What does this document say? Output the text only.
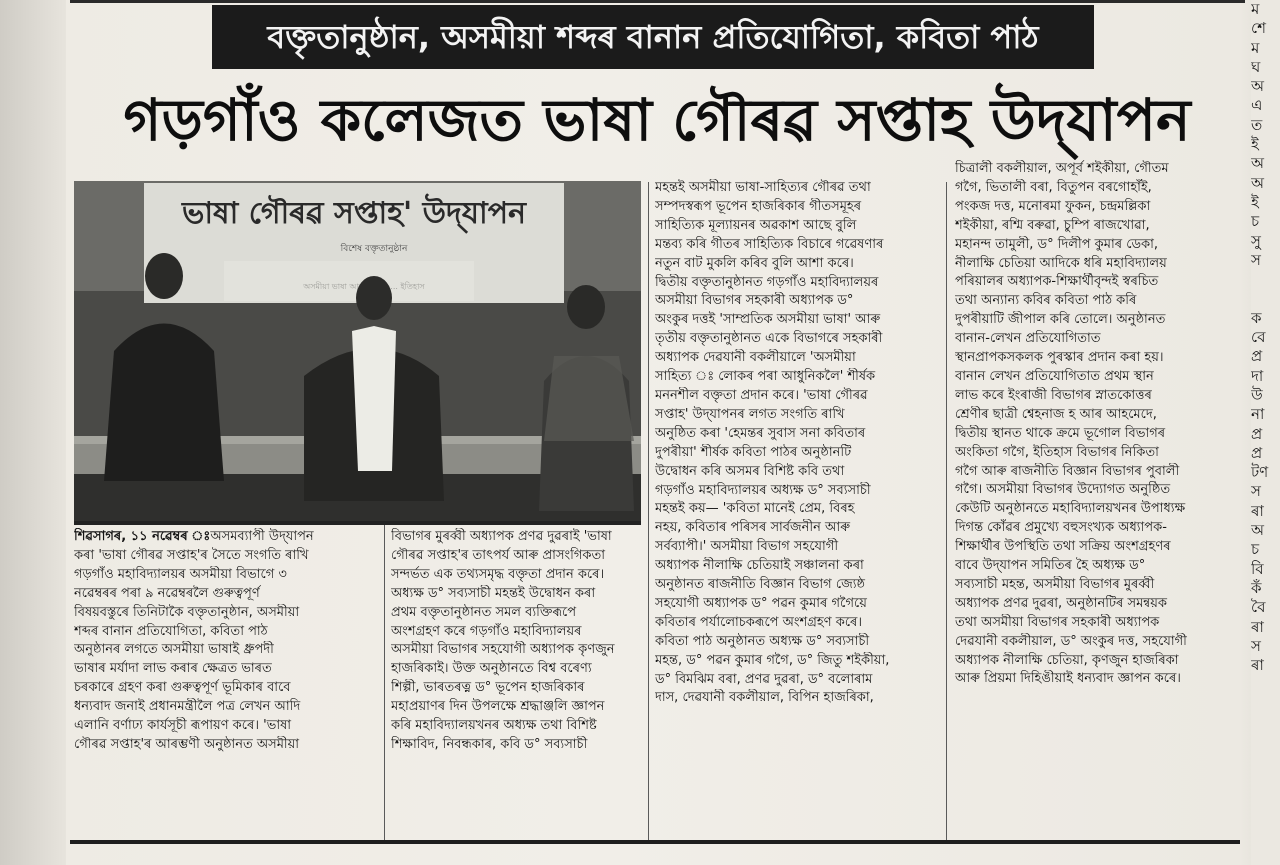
বক্তৃতানুষ্ঠান, অসমীয়া শব্দৰ বানান প্ৰতিযোগিতা, কবিতা পাঠ
গড়গাঁও কলেজত ভাষা গৌৰৱ সপ্তাহ উদ্‌যাপন
ভাষা গৌৰৱ সপ্তাহ' উদ্‌যাপন
বিশেষ বক্তৃতানুষ্ঠান
শিৱসাগৰ, ১১ নৱেম্বৰ ঃঅসমব্যাপী উদ্‌যাপন
কৰা 'ভাষা গৌৰৱ সপ্তাহ'ৰ সৈতে সংগতি ৰাখি
গড়গাঁও মহাবিদ্যালয়ৰ অসমীয়া বিভাগে ৩
নৱেম্বৰৰ পৰা ৯ নৱেম্বৰলৈ গুৰুত্বপূৰ্ণ
বিষয়বস্তুৰে তিনিটাকৈ বক্তৃতানুষ্ঠান, অসমীয়া
শব্দৰ বানান প্ৰতিযোগিতা, কবিতা পাঠ
অনুষ্ঠানৰ লগতে অসমীয়া ভাষাই ধ্ৰুপদী
ভাষাৰ মৰ্যাদা লাভ কৰাৰ ক্ষেত্ৰত ভাৰত
চৰকাৰে গ্ৰহণ কৰা গুৰুত্বপূৰ্ণ ভূমিকাৰ বাবে
ধন্যবাদ জনাই প্ৰধানমন্ত্ৰীলৈ পত্ৰ লেখন আদি
এলানি বৰ্ণাঢ্য কাৰ্যসূচী ৰূপায়ণ কৰে। 'ভাষা
গৌৰৱ সপ্তাহ'ৰ আৰম্ভণী অনুষ্ঠানত অসমীয়া
বিভাগৰ মুৰব্বী অধ্যাপক প্ৰণৱ দুৱৰাই 'ভাষা
গৌৰৱ সপ্তাহ'ৰ তাৎপৰ্য আৰু প্ৰাসংগিকতা
সন্দৰ্ভত এক তথ্যসমৃদ্ধ বক্তৃতা প্ৰদান কৰে।
অধ্যক্ষ ড° সব্যসাচী মহন্তই উদ্বোধন কৰা
প্ৰথম বক্তৃতানুষ্ঠানত সমল ব্যক্তিৰূপে
অংশগ্ৰহণ কৰে গড়গাঁও মহাবিদ্যালয়ৰ
অসমীয়া বিভাগৰ সহযোগী অধ্যাপক কৃণজুন
হাজৰিকাই। উক্ত অনুষ্ঠানতে বিশ্ব বৰেণ্য
শিল্পী, ভাৰতৰত্ন ড° ভূপেন হাজৰিকাৰ
মহাপ্ৰয়াণৰ দিন উপলক্ষে শ্ৰদ্ধাঞ্জলি জ্ঞাপন
কৰি মহাবিদ্যালয়খনৰ অধ্যক্ষ তথা বিশিষ্ট
শিক্ষাবিদ, নিবন্ধকাৰ, কবি ড° সব্যসাচী
মহন্তই অসমীয়া ভাষা-সাহিত্যৰ গৌৰৱ তথা
সম্পদস্বৰূপ ভূপেন হাজৰিকাৰ গীতসমূহৰ
সাহিত্যিক মূল্যায়নৰ অৱকাশ আছে বুলি
মন্তব্য কৰি গীতৰ সাহিত্যিক বিচাৰে গৱেষণাৰ
নতুন বাট মুকলি কৰিব বুলি আশা কৰে।
দ্বিতীয় বক্তৃতানুষ্ঠানত গড়গাঁও মহাবিদ্যালয়ৰ
অসমীয়া বিভাগৰ সহকাৰী অধ্যাপক ড°
অংকুৰ দত্তই 'সাম্প্ৰতিক অসমীয়া ভাষা' আৰু
তৃতীয় বক্তৃতানুষ্ঠানত একে বিভাগৰে সহকাৰী
অধ্যাপক দেৱযানী বকলীয়ালে 'অসমীয়া
সাহিত্য ঃ লোকৰ পৰা আধুনিকলৈ' শীৰ্ষক
মননশীল বক্তৃতা প্ৰদান কৰে। 'ভাষা গৌৰৱ
সপ্তাহ' উদ্‌যাপনৰ লগত সংগতি ৰাখি
অনুষ্ঠিত কৰা 'হেমন্তৰ সুবাস সনা কবিতাৰ
দুপৰীয়া' শীৰ্ষক কবিতা পাঠৰ অনুষ্ঠানটি
উদ্বোধন কৰি অসমৰ বিশিষ্ট কবি তথা
গড়গাঁও মহাবিদ্যালয়ৰ অধ্যক্ষ ড° সব্যসাচী
মহন্তই কয়— 'কবিতা মানেই প্ৰেম, বিৰহ
নহয়, কবিতাৰ পৰিসৰ সাৰ্বজনীন আৰু
সৰ্বব্যাপী।' অসমীয়া বিভাগ সহযোগী
অধ্যাপক নীলাক্ষি চেতিয়াই সঞ্চালনা কৰা
অনুষ্ঠানত ৰাজনীতি বিজ্ঞান বিভাগ জ্যেষ্ঠ
সহযোগী অধ্যাপক ড° পৱন কুমাৰ গগৈয়ে
কবিতাৰ পৰ্যালোচকৰূপে অংশগ্ৰহণ কৰে।
কবিতা পাঠ অনুষ্ঠানত অধ্যক্ষ ড° সব্যসাচী
মহন্ত, ড° পৱন কুমাৰ গগৈ, ড° জিতু শইকীয়া,
ড° বিমঝিম বৰা, প্ৰণৱ দুৱৰা, ড° বলোৰাম
দাস, দেৱযানী বকলীয়াল, বিপিন হাজৰিকা,
চিত্ৰালী বকলীয়াল, অপূৰ্ব শইকীয়া, গৌতম
গগৈ, ভিতালী বৰা, বিতুপন বৰগোহাঁই,
পংকজ দত্ত, মনোৰমা ফুকন, চন্দ্ৰমল্লিকা
শইকীয়া, ৰশ্মি বৰুৱা, চুম্পি ৰাজখোৱা,
মহানন্দ তামুলী, ড° দিলীপ কুমাৰ ডেকা,
নীলাক্ষি চেতিয়া আদিকে ধৰি মহাবিদ্যালয়
পৰিয়ালৰ অধ্যাপক-শিক্ষাৰ্থীবৃন্দই স্বৰচিত
তথা অন্যান্য কবিৰ কবিতা পাঠ কৰি
দুপৰীয়াটি জীপাল কৰি তোলে। অনুষ্ঠানত
বানান-লেখন প্ৰতিযোগিতাত
স্থানপ্ৰাপকসকলক পুৰস্কাৰ প্ৰদান কৰা হয়।
বানান লেখন প্ৰতিযোগিতাত প্ৰথম স্থান
লাভ কৰে ইংৰাজী বিভাগৰ স্নাতকোত্তৰ
শ্ৰেণীৰ ছাত্ৰী শ্বেহনাজ হ আৰ আহমেদে,
দ্বিতীয় স্থানত থাকে ক্ৰমে ভূগোল বিভাগৰ
অংকিতা গগৈ, ইতিহাস বিভাগৰ নিকিতা
গগৈ আৰু ৰাজনীতি বিজ্ঞান বিভাগৰ পুবালী
গগৈ। অসমীয়া বিভাগৰ উদ্যোগত অনুষ্ঠিত
কেউটি অনুষ্ঠানতে মহাবিদ্যালয়খনৰ উপাধ্যক্ষ
দিগন্ত কোঁৱৰ প্ৰমুখ্যে বহুসংখ্যক অধ্যাপক-
শিক্ষাৰ্থীৰ উপস্থিতি তথা সক্ৰিয় অংশগ্ৰহণৰ
বাবে উদ্‌যাপন সমিতিৰ হৈ অধ্যক্ষ ড°
সব্যসাচী মহন্ত, অসমীয়া বিভাগৰ মুৰব্বী
অধ্যাপক প্ৰণৱ দুৱৰা, অনুষ্ঠানটিৰ সমন্বয়ক
তথা অসমীয়া বিভাগৰ সহকাৰী অধ্যাপক
দেৱযানী বকলীয়াল, ড° অংকুৰ দত্ত, সহযোগী
অধ্যাপক নীলাক্ষি চেতিয়া, কৃণজুন হাজৰিকা
আৰু প্ৰিয়মা দিহিঙীয়াই ধন্যবাদ জ্ঞাপন কৰে।
ম
শে
ম
ঘ
অ
এ
ত
ই
অ
অ
ই
চ
সু
স

ক
বে
প্ৰ
দা
উ
না
প্ৰ
প্ৰ
টণ
স
ৰা
অ
চ
বি
কঁ
বৈ
ৰা
স
ৰা
